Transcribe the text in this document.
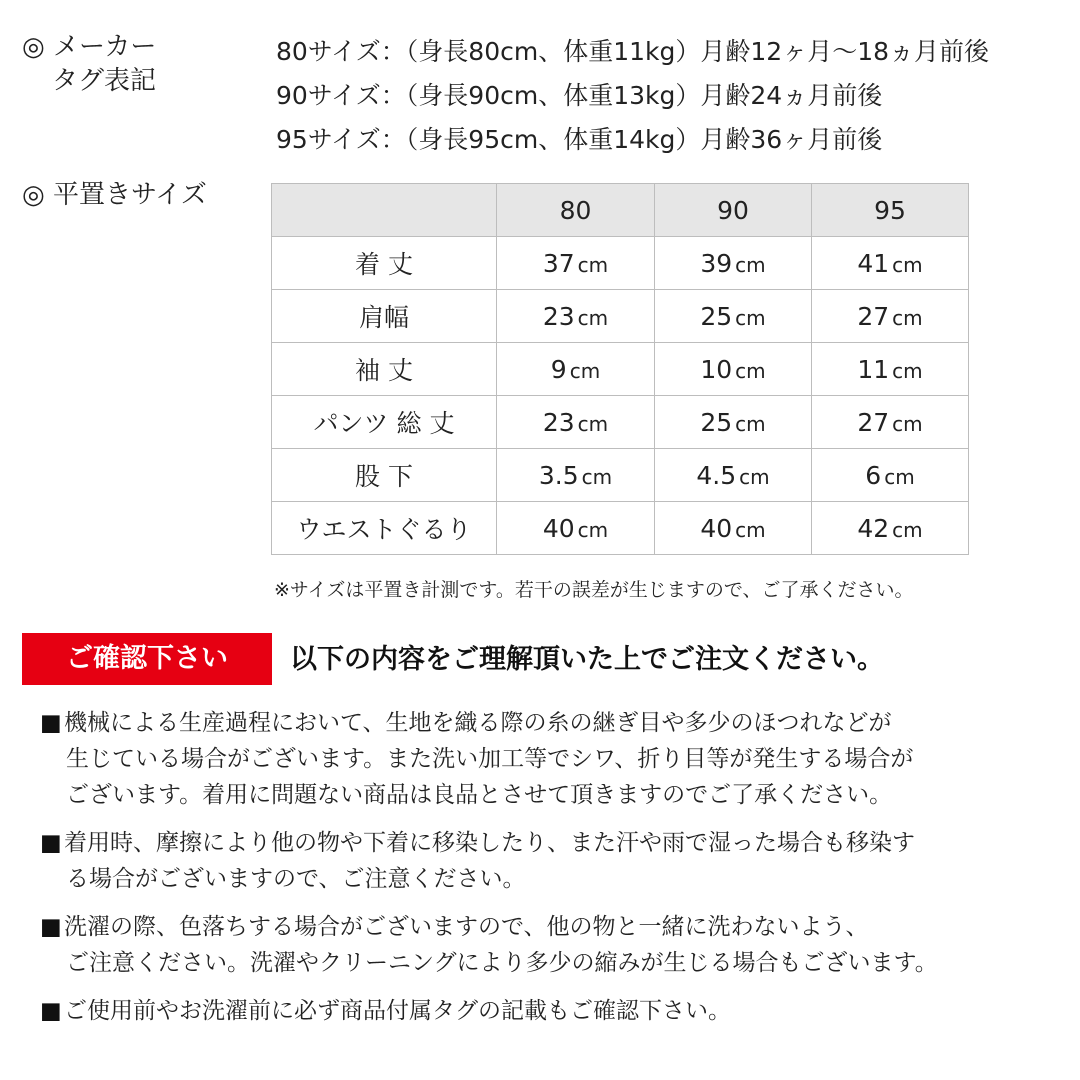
◎ メーカー
タグ表記
80サイズ：（身長80cm、体重11kg）月齢12ヶ月〜18ヵ月前後
90サイズ：（身長90cm、体重13kg）月齢24ヵ月前後
95サイズ：（身長95cm、体重14kg）月齢36ヶ月前後
◎ 平置きサイズ
		80	90	95
着 丈	37 cm	39 cm	41 cm
肩幅	23 cm	25 cm	27 cm
袖 丈	9 cm	10 cm	11 cm
パンツ 総 丈	23 cm	25 cm	27 cm
股 下	3.5 cm	4.5 cm	6 cm
ウエストぐるり	40 cm	40 cm	42 cm
※サイズは平置き計測です。若干の誤差が生じますので、ご了承ください。
ご確認下さい	以下の内容をご理解頂いた上でご注文ください。
■機械による生産過程において、生地を織る際の糸の継ぎ目や多少のほつれなどが
生じている場合がございます。また洗い加工等でシワ、折り目等が発生する場合が
ございます。着用に問題ない商品は良品とさせて頂きますのでご了承ください。
■着用時、摩擦により他の物や下着に移染したり、また汗や雨で湿った場合も移染す
る場合がございますので、ご注意ください。
■洗濯の際、色落ちする場合がございますので、他の物と一緒に洗わないよう、
ご注意ください。洗濯やクリーニングにより多少の縮みが生じる場合もございます。
■ご使用前やお洗濯前に必ず商品付属タグの記載もご確認下さい。
